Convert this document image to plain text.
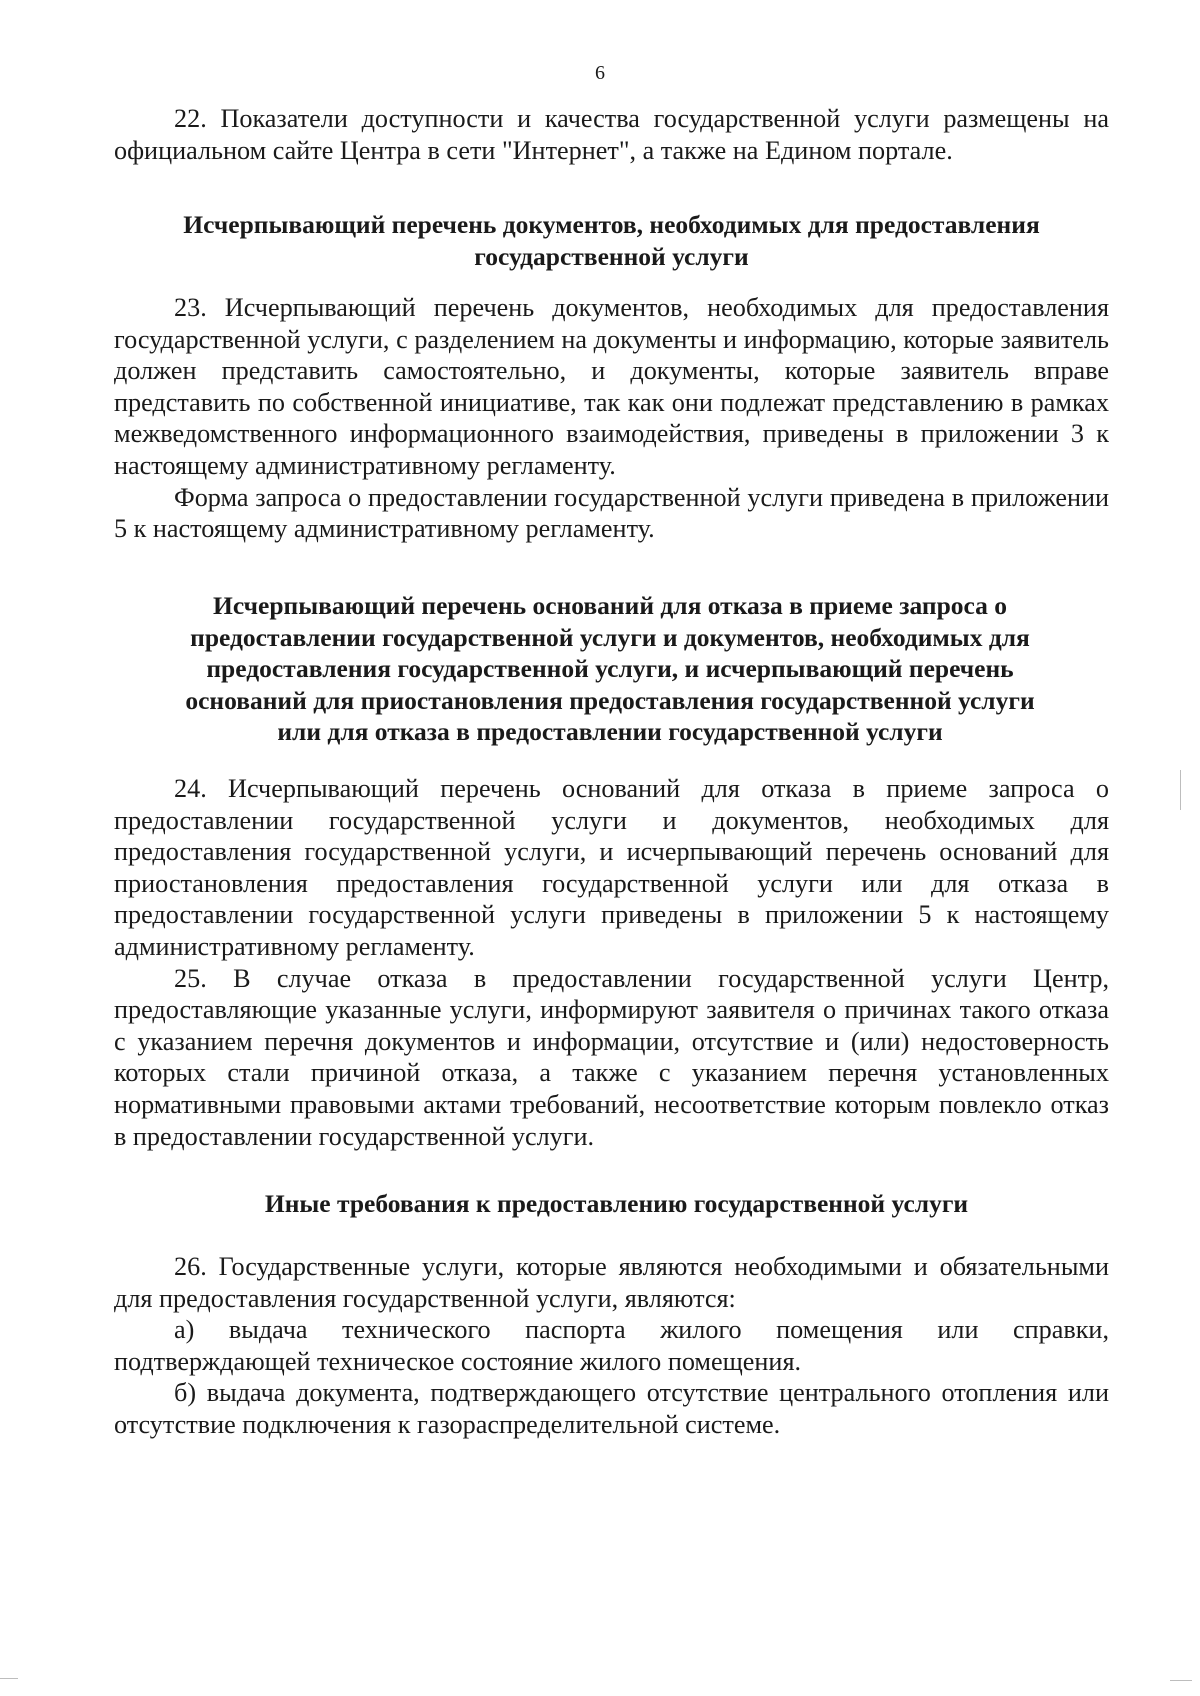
6

22. Показатели доступности и качества государственной услуги размещены на официальном сайте Центра в сети "Интернет", а также на Едином портале.

Исчерпывающий перечень документов, необходимых для предоставления государственной услуги

23. Исчерпывающий перечень документов, необходимых для предоставления государственной услуги, с разделением на документы и информацию, которые заявитель должен представить самостоятельно, и документы, которые заявитель вправе представить по собственной инициативе, так как они подлежат представлению в рамках межведомственного информационного взаимодействия, приведены в приложении 3 к настоящему административному регламенту.

Форма запроса о предоставлении государственной услуги приведена в приложении 5 к настоящему административному регламенту.

Исчерпывающий перечень оснований для отказа в приеме запроса о предоставлении государственной услуги и документов, необходимых для предоставления государственной услуги, и исчерпывающий перечень оснований для приостановления предоставления государственной услуги или для отказа в предоставлении государственной услуги

24. Исчерпывающий перечень оснований для отказа в приеме запроса о предоставлении государственной услуги и документов, необходимых для предоставления государственной услуги, и исчерпывающий перечень оснований для приостановления предоставления государственной услуги или для отказа в предоставлении государственной услуги приведены в приложении 5 к настоящему административному регламенту.

25. В случае отказа в предоставлении государственной услуги Центр, предоставляющие указанные услуги, информируют заявителя о причинах такого отказа с указанием перечня документов и информации, отсутствие и (или) недостоверность которых стали причиной отказа, а также с указанием перечня установленных нормативными правовыми актами требований, несоответствие которым повлекло отказ в предоставлении государственной услуги.

Иные требования к предоставлению государственной услуги

26. Государственные услуги, которые являются необходимыми и обязательными для предоставления государственной услуги, являются:

а) выдача технического паспорта жилого помещения или справки, подтверждающей техническое состояние жилого помещения.

б) выдача документа, подтверждающего отсутствие центрального отопления или отсутствие подключения к газораспределительной системе.
